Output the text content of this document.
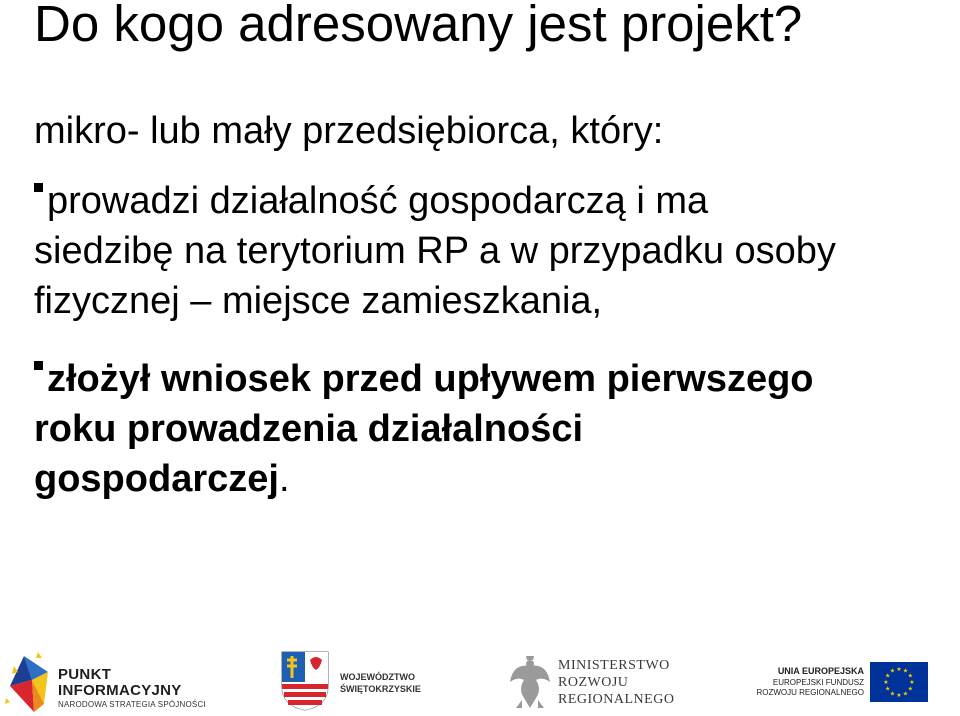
Do kogo adresowany jest projekt?
mikro- lub mały przedsiębiorca, który:
prowadzi działalność gospodarczą i ma
siedzibę na terytorium RP a w przypadku osoby
fizycznej – miejsce zamieszkania,
złożył wniosek przed upływem pierwszego
roku prowadzenia działalności
gospodarczej.
PUNKT
INFORMACYJNY
NARODOWA STRATEGIA SPÓJNOŚCI
WOJEWÓDZTWO
ŚWIĘTOKRZYSKIE
MINISTERSTWO
ROZWOJU
REGIONALNEGO
UNIA EUROPEJSKA
EUROPEJSKI FUNDUSZ
ROZWOJU REGIONALNEGO
★ ★
★
★
★
★
★
★
★
★
★
★
